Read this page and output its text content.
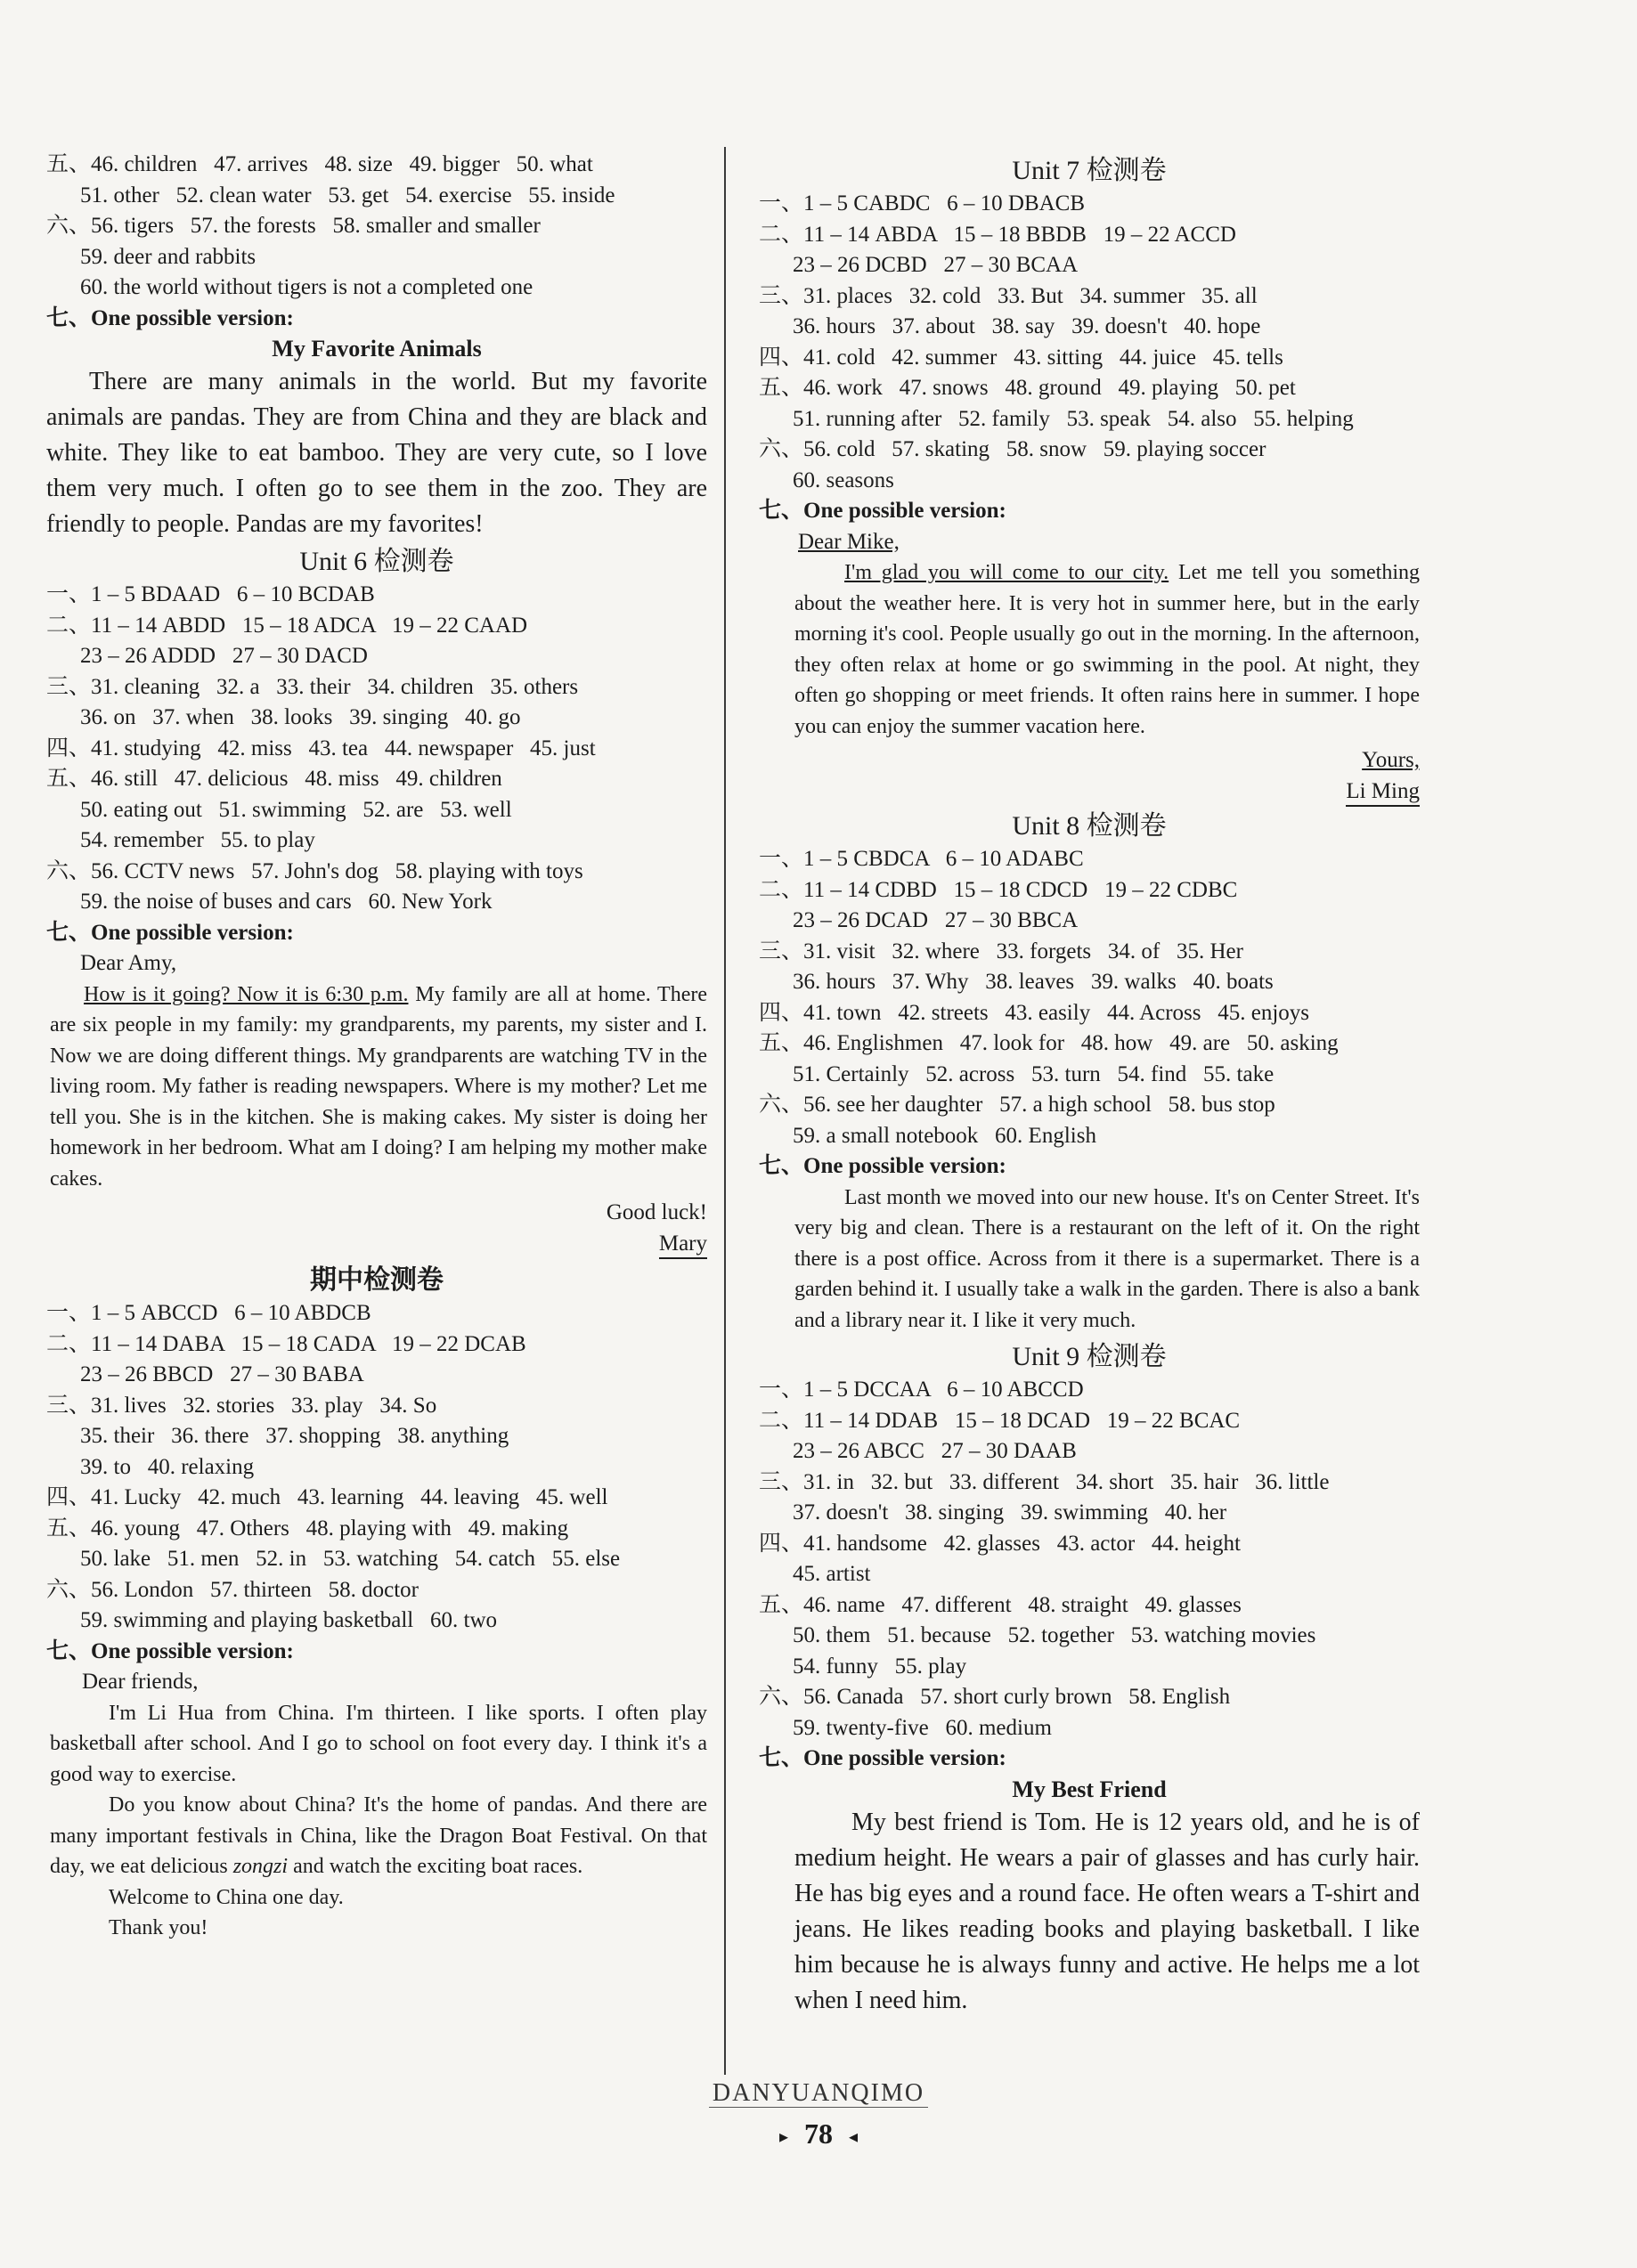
五、46. children   47. arrives   48. size   49. bigger   50. what
51. other   52. clean water   53. get   54. exercise   55. inside
六、56. tigers   57. the forests   58. smaller and smaller
59. deer and rabbits
60. the world without tigers is not a completed one
七、One possible version:
My Favorite Animals
There are many animals in the world. But my favorite animals are pandas. They are from China and they are black and white. They like to eat bamboo. They are very cute, so I love them very much. I often go to see them in the zoo. They are friendly to people. Pandas are my favorites!
Unit 6 检测卷
一、1 – 5 BDAAD   6 – 10 BCDAB
二、11 – 14 ABDD   15 – 18 ADCA   19 – 22 CAAD
23 – 26 ADDD   27 – 30 DACD
三、31. cleaning   32. a   33. their   34. children   35. others
36. on   37. when   38. looks   39. singing   40. go
四、41. studying   42. miss   43. tea   44. newspaper   45. just
五、46. still   47. delicious   48. miss   49. children
50. eating out   51. swimming   52. are   53. well
54. remember   55. to play
六、56. CCTV news   57. John's dog   58. playing with toys
59. the noise of buses and cars   60. New York
七、One possible version:
Dear Amy,
How is it going? Now it is 6:30 p.m. My family are all at home. There are six people in my family: my grandparents, my parents, my sister and I. Now we are doing different things. My grandparents are watching TV in the living room. My father is reading newspapers. Where is my mother? Let me tell you. She is in the kitchen. She is making cakes. My sister is doing her homework in her bedroom. What am I doing? I am helping my mother make cakes.
Good luck!
Mary
期中检测卷
一、1 – 5 ABCCD   6 – 10 ABDCB
二、11 – 14 DABA   15 – 18 CADA   19 – 22 DCAB
23 – 26 BBCD   27 – 30 BABA
三、31. lives   32. stories   33. play   34. So
35. their   36. there   37. shopping   38. anything
39. to   40. relaxing
四、41. Lucky   42. much   43. learning   44. leaving   45. well
五、46. young   47. Others   48. playing with   49. making
50. lake   51. men   52. in   53. watching   54. catch   55. else
六、56. London   57. thirteen   58. doctor
59. swimming and playing basketball   60. two
七、One possible version:
Dear friends,
I'm Li Hua from China. I'm thirteen. I like sports. I often play basketball after school. And I go to school on foot every day. I think it's a good way to exercise.
Do you know about China? It's the home of pandas. And there are many important festivals in China, like the Dragon Boat Festival. On that day, we eat delicious zongzi and watch the exciting boat races.
Welcome to China one day.
Thank you!
Unit 7 检测卷
一、1 – 5 CABDC   6 – 10 DBACB
二、11 – 14 ABDA   15 – 18 BBDB   19 – 22 ACCD
23 – 26 DCBD   27 – 30 BCAA
三、31. places   32. cold   33. But   34. summer   35. all
36. hours   37. about   38. say   39. doesn't   40. hope
四、41. cold   42. summer   43. sitting   44. juice   45. tells
五、46. work   47. snows   48. ground   49. playing   50. pet
51. running after   52. family   53. speak   54. also   55. helping
六、56. cold   57. skating   58. snow   59. playing soccer
60. seasons
七、One possible version:
Dear Mike,
I'm glad you will come to our city. Let me tell you something about the weather here. It is very hot in summer here, but in the early morning it's cool. People usually go out in the morning. In the afternoon, they often relax at home or go swimming in the pool. At night, they often go shopping or meet friends. It often rains here in summer. I hope you can enjoy the summer vacation here.
Yours,
Li Ming
Unit 8 检测卷
一、1 – 5 CBDCA   6 – 10 ADABC
二、11 – 14 CDBD   15 – 18 CDCD   19 – 22 CDBC
23 – 26 DCAD   27 – 30 BBCA
三、31. visit   32. where   33. forgets   34. of   35. Her
36. hours   37. Why   38. leaves   39. walks   40. boats
四、41. town   42. streets   43. easily   44. Across   45. enjoys
五、46. Englishmen   47. look for   48. how   49. are   50. asking
51. Certainly   52. across   53. turn   54. find   55. take
六、56. see her daughter   57. a high school   58. bus stop
59. a small notebook   60. English
七、One possible version:
Last month we moved into our new house. It's on Center Street. It's very big and clean. There is a restaurant on the left of it. On the right there is a post office. Across from it there is a supermarket. There is a garden behind it. I usually take a walk in the garden. There is also a bank and a library near it. I like it very much.
Unit 9 检测卷
一、1 – 5 DCCAA   6 – 10 ABCCD
二、11 – 14 DDAB   15 – 18 DCAD   19 – 22 BCAC
23 – 26 ABCC   27 – 30 DAAB
三、31. in   32. but   33. different   34. short   35. hair   36. little
37. doesn't   38. singing   39. swimming   40. her
四、41. handsome   42. glasses   43. actor   44. height
45. artist
五、46. name   47. different   48. straight   49. glasses
50. them   51. because   52. together   53. watching movies
54. funny   55. play
六、56. Canada   57. short curly brown   58. English
59. twenty-five   60. medium
七、One possible version:
My Best Friend
My best friend is Tom. He is 12 years old, and he is of medium height. He wears a pair of glasses and has curly hair. He has big eyes and a round face. He often wears a T-shirt and jeans. He likes reading books and playing basketball. I like him because he is always funny and active. He helps me a lot when I need him.
DANYUANQIMO
▸ 78 ◂
